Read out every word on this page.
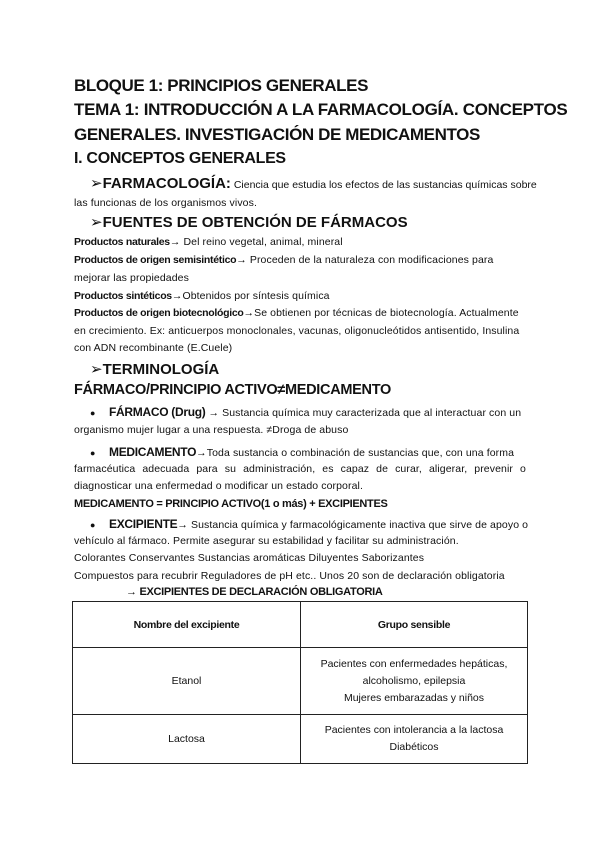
BLOQUE 1: PRINCIPIOS GENERALES
TEMA 1: INTRODUCCIÓN A LA FARMACOLOGÍA. CONCEPTOS
GENERALES. INVESTIGACIÓN DE MEDICAMENTOS
I. CONCEPTOS GENERALES
➢FARMACOLOGÍA: Ciencia que estudia los efectos de las sustancias químicas sobre
las funcionas de los organismos vivos.
➢FUENTES DE OBTENCIÓN DE FÁRMACOS
Productos naturales→ Del reino vegetal, animal, mineral
Productos de origen semisintético→ Proceden de la naturaleza con modificaciones para
mejorar las propiedades
Productos sintéticos→Obtenidos por síntesis química
Productos de origen biotecnológico→Se obtienen por técnicas de biotecnología. Actualmente
en crecimiento. Ex: anticuerpos monoclonales, vacunas, oligonucleótidos antisentido, Insulina
con ADN recombinante (E.Cuele)
➢TERMINOLOGÍA
FÁRMACO/PRINCIPIO ACTIVO≠MEDICAMENTO
● FÁRMACO (Drug) → Sustancia química muy caracterizada que al interactuar con un
organismo mujer lugar a una respuesta. ≠Droga de abuso
● MEDICAMENTO→Toda sustancia o combinación de sustancias que, con una forma
farmacéutica adecuada para su administración, es capaz de curar, aligerar, prevenir o
diagnosticar una enfermedad o modificar un estado corporal.
MEDICAMENTO = PRINCIPIO ACTIVO(1 o más) + EXCIPIENTES
● EXCIPIENTE→ Sustancia química y farmacológicamente inactiva que sirve de apoyo o
vehículo al fármaco. Permite asegurar su estabilidad y facilitar su administración.
Colorantes Conservantes Sustancias aromáticas Diluyentes Saborizantes
Compuestos para recubrir Reguladores de pH etc.. Unos 20 son de declaración obligatoria
→ EXCIPIENTES DE DECLARACIÓN OBLIGATORIA
Nombre del excipiente	Grupo sensible
Etanol	Pacientes con enfermedades hepáticas,
alcoholismo, epilepsia
Mujeres embarazadas y niños

Lactosa	Pacientes con intolerancia a la lactosa
Diabéticos
